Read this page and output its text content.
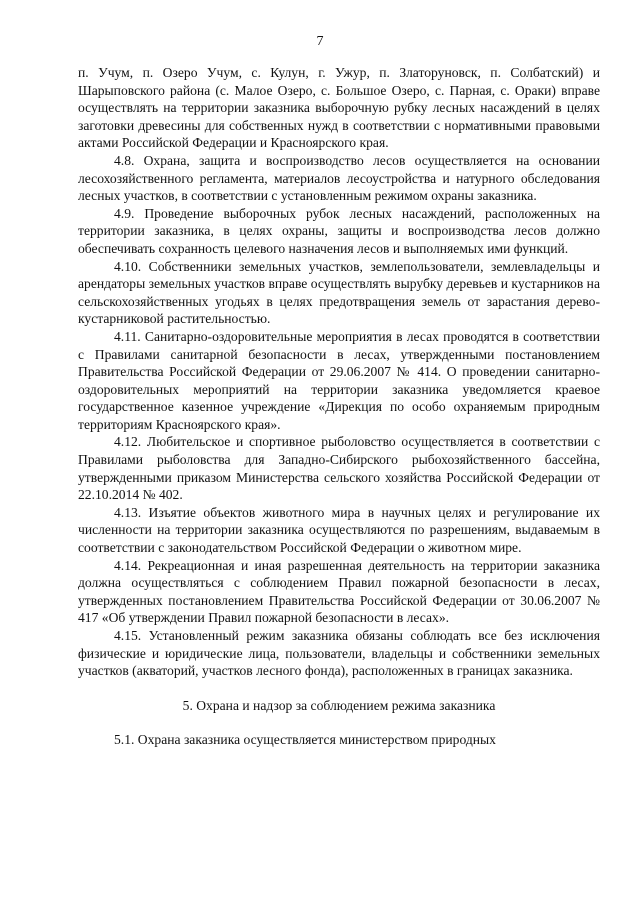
7

п. Учум, п. Озеро Учум, с. Кулун, г. Ужур, п. Златоруновск, п. Солбатский) и Шарыповского района (с. Малое Озеро, с. Большое Озеро, с. Парная, с. Ораки) вправе осуществлять на территории заказника выборочную рубку лесных насаждений в целях заготовки древесины для собственных нужд в соответствии с нормативными правовыми актами Российской Федерации и Красноярского края.

4.8. Охрана, защита и воспроизводство лесов осуществляется на основании лесохозяйственного регламента, материалов лесоустройства и натурного обследования лесных участков, в соответствии с установленным режимом охраны заказника.

4.9. Проведение выборочных рубок лесных насаждений, расположенных на территории заказника, в целях охраны, защиты и воспроизводства лесов должно обеспечивать сохранность целевого назначения лесов и выполняемых ими функций.

4.10. Собственники земельных участков, землепользователи, землевладельцы и арендаторы земельных участков вправе осуществлять вырубку деревьев и кустарников на сельскохозяйственных угодьях в целях предотвращения земель от зарастания дерево-кустарниковой растительностью.

4.11. Санитарно-оздоровительные мероприятия в лесах проводятся в соответствии с Правилами санитарной безопасности в лесах, утвержденными постановлением Правительства Российской Федерации от 29.06.2007 № 414. О проведении санитарно-оздоровительных мероприятий на территории заказника уведомляется краевое государственное казенное учреждение «Дирекция по особо охраняемым природным территориям Красноярского края».

4.12. Любительское и спортивное рыболовство осуществляется в соответствии с Правилами рыболовства для Западно-Сибирского рыбохозяйственного бассейна, утвержденными приказом Министерства сельского хозяйства Российской Федерации от 22.10.2014 № 402.

4.13. Изъятие объектов животного мира в научных целях и регулирование их численности на территории заказника осуществляются по разрешениям, выдаваемым в соответствии с законодательством Российской Федерации о животном мире.

4.14. Рекреационная и иная разрешенная деятельность на территории заказника должна осуществляться с соблюдением Правил пожарной безопасности в лесах, утвержденных постановлением Правительства Российской Федерации от 30.06.2007 № 417 «Об утверждении Правил пожарной безопасности в лесах».

4.15. Установленный режим заказника обязаны соблюдать все без исключения физические и юридические лица, пользователи, владельцы и собственники земельных участков (акваторий, участков лесного фонда), расположенных в границах заказника.

5. Охрана и надзор за соблюдением режима заказника

5.1. Охрана заказника осуществляется министерством природных
